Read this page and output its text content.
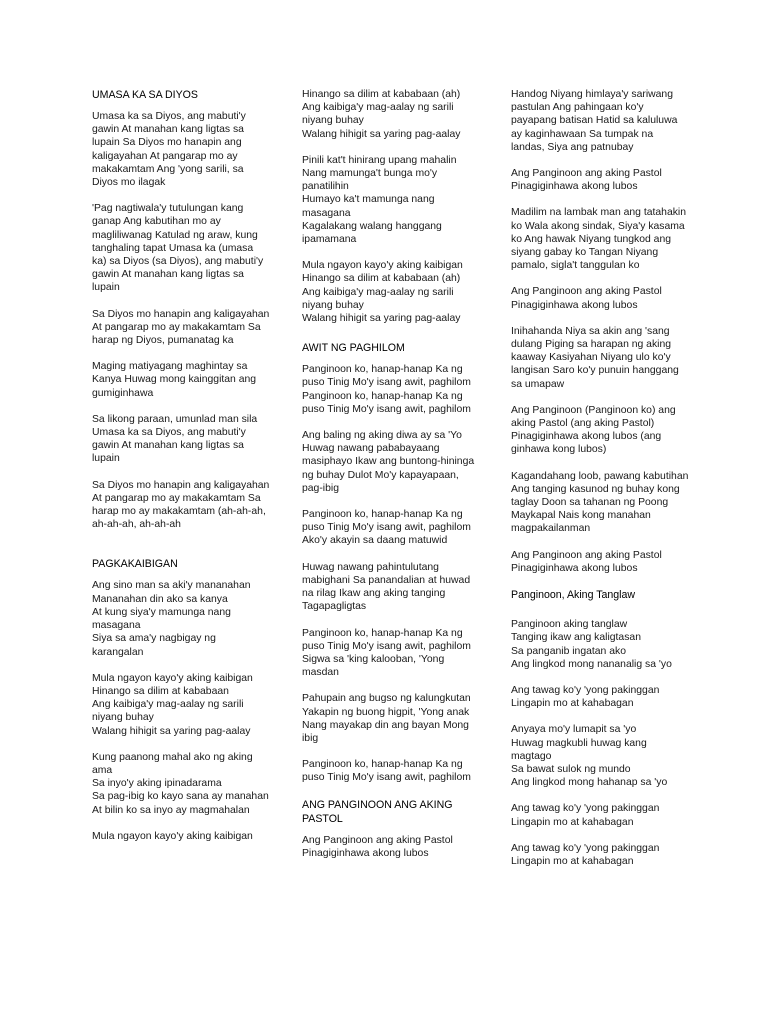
UMASA KA SA DIYOS
Umasa ka sa Diyos, ang mabuti'y gawin At manahan kang ligtas sa lupain Sa Diyos mo hanapin ang kaligayahan At pangarap mo ay makakamtam Ang 'yong sarili, sa Diyos mo ilagak
'Pag nagtiwala'y tutulungan kang ganap Ang kabutihan mo ay magliliwanag Katulad ng araw, kung tanghaling tapat Umasa ka (umasa ka) sa Diyos (sa Diyos), ang mabuti'y gawin At manahan kang ligtas sa lupain
Sa Diyos mo hanapin ang kaligayahan At pangarap mo ay makakamtam Sa harap ng Diyos, pumanatag ka
Maging matiyagang maghintay sa Kanya Huwag mong kainggitan ang gumiginhawa
Sa likong paraan, umunlad man sila Umasa ka sa Diyos, ang mabuti'y gawin At manahan kang ligtas sa lupain
Sa Diyos mo hanapin ang kaligayahan At pangarap mo ay makakamtam Sa harap mo ay makakamtam (ah-ah-ah, ah-ah-ah, ah-ah-ah
PAGKAKAIBIGAN
Ang sino man sa aki'y mananahan
Mananahan din ako sa kanya
At kung siya'y mamunga nang masagana
Siya sa ama'y nagbigay ng karangalan
Mula ngayon kayo'y aking kaibigan
Hinango sa dilim at kababaan
Ang kaibiga'y mag-aalay ng sarili niyang buhay
Walang hihigit sa yaring pag-aalay
Kung paanong mahal ako ng aking ama
Sa inyo'y aking ipinadarama
Sa pag-ibig ko kayo sana ay manahan
At bilin ko sa inyo ay magmahalan
Mula ngayon kayo'y aking kaibigan
Hinango sa dilim at kababaan (ah)
Ang kaibiga'y mag-aalay ng sarili niyang buhay
Walang hihigit sa yaring pag-aalay
Pinili kat't hinirang upang mahalin
Nang mamunga't bunga mo'y panatilihin
Humayo ka't mamunga nang masagana
Kagalakang walang hanggang ipamamana
Mula ngayon kayo'y aking kaibigan
Hinango sa dilim at kababaan (ah)
Ang kaibiga'y mag-aalay ng sarili niyang buhay
Walang hihigit sa yaring pag-aalay
AWIT NG PAGHILOM
Panginoon ko, hanap-hanap Ka ng puso Tinig Mo'y isang awit, paghilom Panginoon ko, hanap-hanap Ka ng puso Tinig Mo'y isang awit, paghilom
Ang baling ng aking diwa ay sa 'Yo Huwag nawang pababayaang masiphayo Ikaw ang buntong-hininga ng buhay Dulot Mo'y kapayapaan, pag-ibig
Panginoon ko, hanap-hanap Ka ng puso Tinig Mo'y isang awit, paghilom Ako'y akayin sa daang matuwid
Huwag nawang pahintulutang mabighani Sa panandalian at huwad na rilag Ikaw ang aking tanging Tagapagligtas
Panginoon ko, hanap-hanap Ka ng puso Tinig Mo'y isang awit, paghilom Sigwa sa 'king kalooban, 'Yong masdan
Pahupain ang bugso ng kalungkutan Yakapin ng buong higpit, 'Yong anak Nang mayakap din ang bayan Mong ibig
Panginoon ko, hanap-hanap Ka ng puso Tinig Mo'y isang awit, paghilom
ANG PANGINOON ANG AKING PASTOL
Ang Panginoon ang aking Pastol
Pinagiginhawa akong lubos
Handog Niyang himlaya'y sariwang pastulan Ang pahingaan ko'y payapang batisan Hatid sa kaluluwa ay kaginhawaan Sa tumpak na landas, Siya ang patnubay
Ang Panginoon ang aking Pastol
Pinagiginhawa akong lubos
Madilim na lambak man ang tatahakin ko Wala akong sindak, Siya'y kasama ko Ang hawak Niyang tungkod ang siyang gabay ko Tangan Niyang pamalo, sigla't tanggulan ko
Ang Panginoon ang aking Pastol
Pinagiginhawa akong lubos
Inihahanda Niya sa akin ang 'sang dulang Piging sa harapan ng aking kaaway Kasiyahan Niyang ulo ko'y langisan Saro ko'y punuin hanggang sa umapaw
Ang Panginoon (Panginoon ko) ang aking Pastol (ang aking Pastol) Pinagiginhawa akong lubos (ang ginhawa kong lubos)
Kagandahang loob, pawang kabutihan Ang tanging kasunod ng buhay kong taglay Doon sa tahanan ng Poong Maykapal Nais kong manahan magpakailanman
Ang Panginoon ang aking Pastol
Pinagiginhawa akong lubos
Panginoon, Aking Tanglaw
Panginoon aking tanglaw
Tanging ikaw ang kaligtasan
Sa panganib ingatan ako
Ang lingkod mong nananalig sa 'yo
Ang tawag ko'y 'yong pakinggan
Lingapin mo at kahabagan
Anyaya mo'y lumapit sa 'yo
Huwag magkubli huwag kang magtago
Sa bawat sulok ng mundo
Ang lingkod mong hahanap sa 'yo
Ang tawag ko'y 'yong pakinggan
Lingapin mo at kahabagan
Ang tawag ko'y 'yong pakinggan
Lingapin mo at kahabagan
